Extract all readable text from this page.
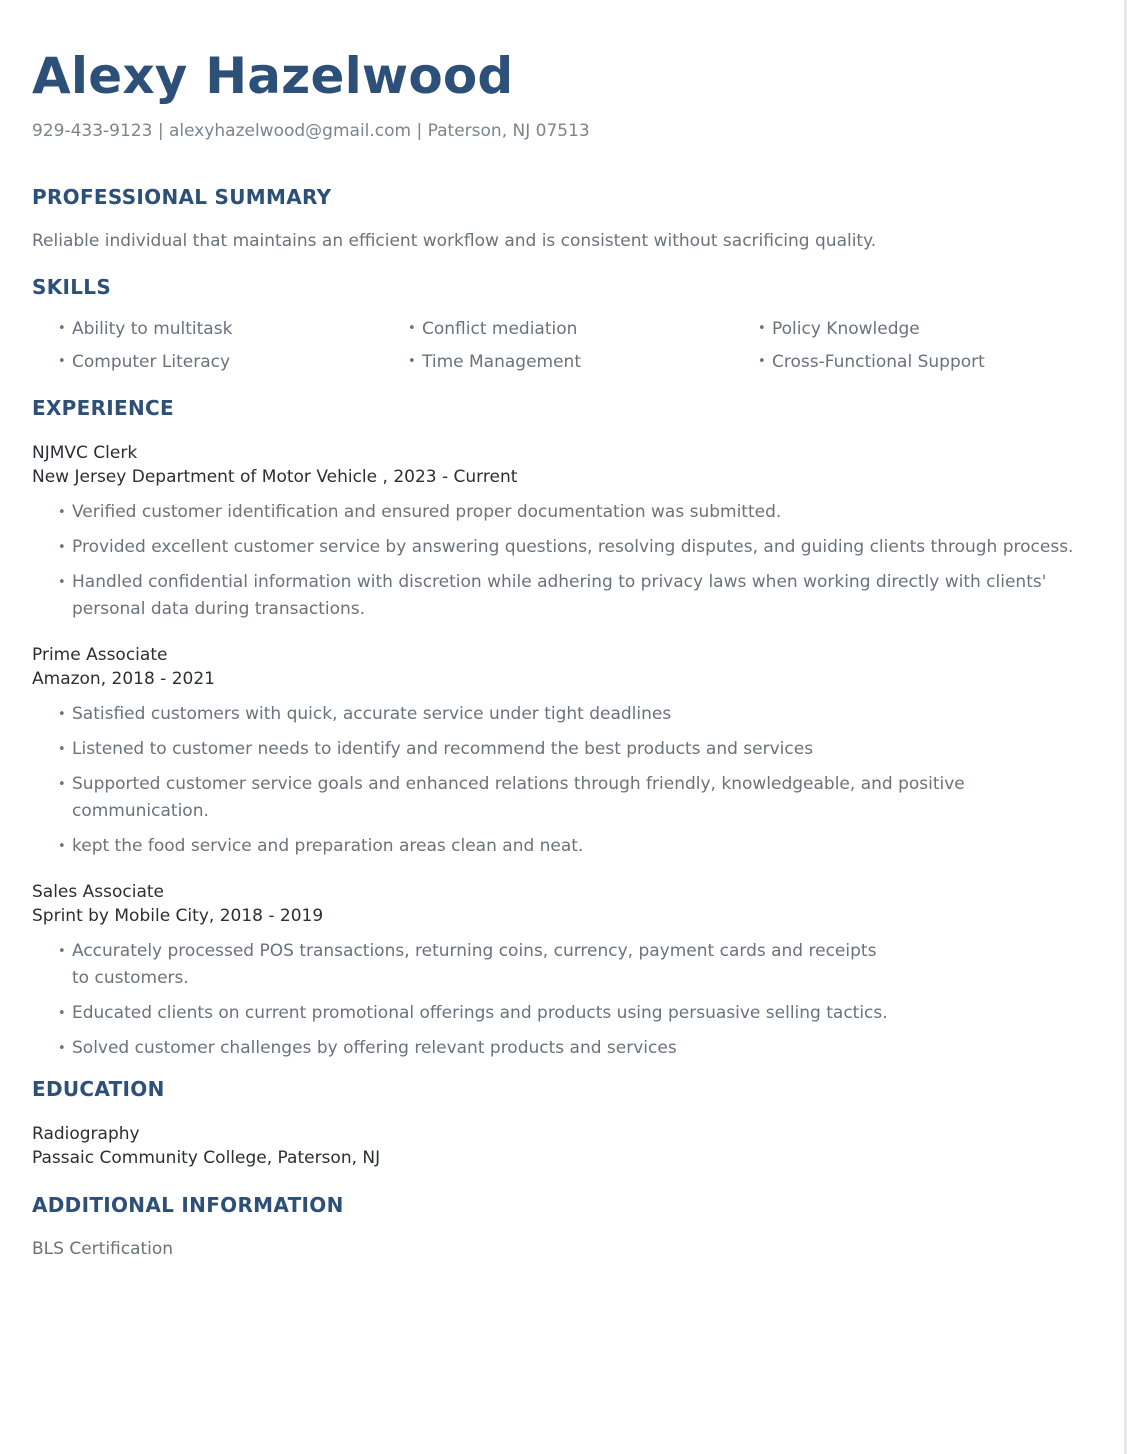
Alexy Hazelwood
929-433-9123 | alexyhazelwood@gmail.com | Paterson, NJ 07513
PROFESSIONAL SUMMARY
Reliable individual that maintains an efficient workflow and is consistent without sacrificing quality.
SKILLS
• Ability to multitask	• Conflict mediation	• Policy Knowledge
• Computer Literacy	• Time Management	• Cross-Functional Support
EXPERIENCE
NJMVC Clerk
New Jersey Department of Motor Vehicle , 2023 - Current
• Verified customer identification and ensured proper documentation was submitted.
• Provided excellent customer service by answering questions, resolving disputes, and guiding clients through process.
• Handled confidential information with discretion while adhering to privacy laws when working directly with clients' personal data during transactions.
Prime Associate
Amazon, 2018 - 2021
• Satisfied customers with quick, accurate service under tight deadlines
• Listened to customer needs to identify and recommend the best products and services
• Supported customer service goals and enhanced relations through friendly, knowledgeable, and positive communication.
• kept the food service and preparation areas clean and neat.
Sales Associate
Sprint by Mobile City, 2018 - 2019
• Accurately processed POS transactions, returning coins, currency, payment cards and receipts to customers.
• Educated clients on current promotional offerings and products using persuasive selling tactics.
• Solved customer challenges by offering relevant products and services
EDUCATION
Radiography
Passaic Community College, Paterson, NJ
ADDITIONAL INFORMATION
BLS Certification
